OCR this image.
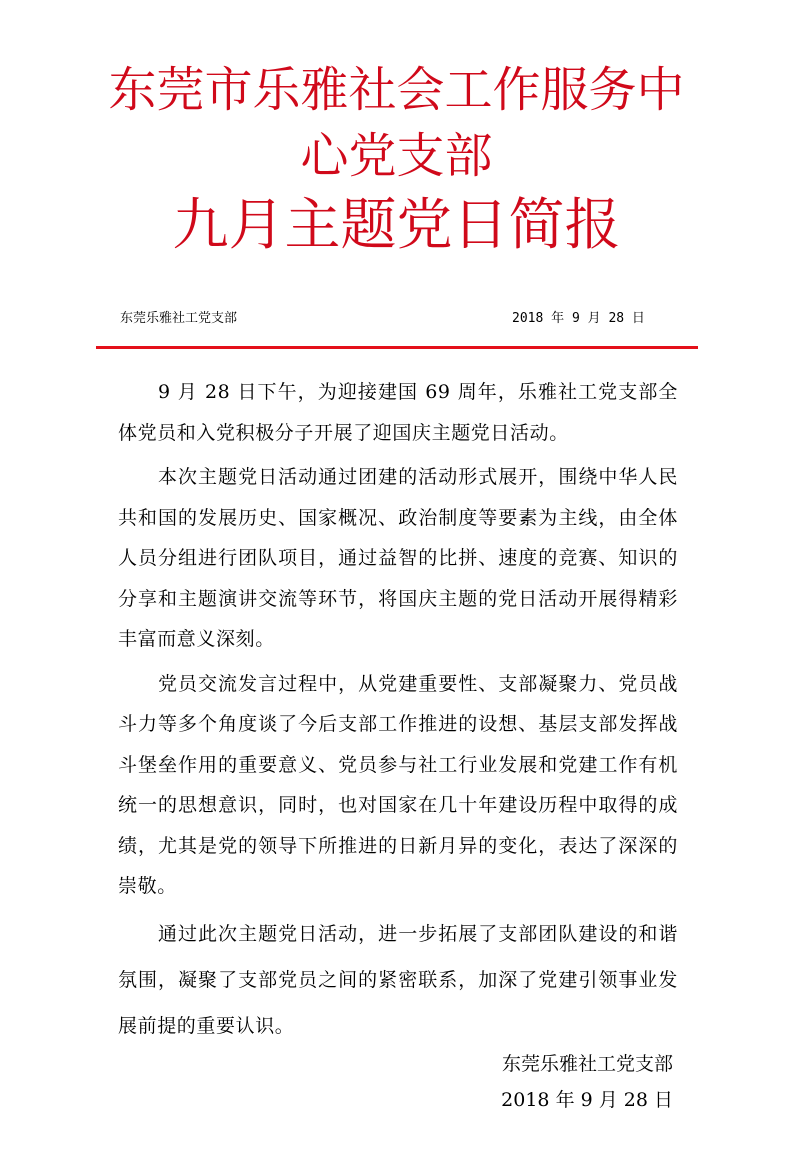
东莞市乐雅社会工作服务中
心党支部
九月主题党日简报
东莞乐雅社工党支部	2018 年 9 月 28 日

9 月 28 日下午，为迎接建国 69 周年，乐雅社工党支部全体党员和入党积极分子开展了迎国庆主题党日活动。

本次主题党日活动通过团建的活动形式展开，围绕中华人民共和国的发展历史、国家概况、政治制度等要素为主线，由全体人员分组进行团队项目，通过益智的比拼、速度的竞赛、知识的分享和主题演讲交流等环节，将国庆主题的党日活动开展得精彩丰富而意义深刻。

党员交流发言过程中，从党建重要性、支部凝聚力、党员战斗力等多个角度谈了今后支部工作推进的设想、基层支部发挥战斗堡垒作用的重要意义、党员参与社工行业发展和党建工作有机统一的思想意识，同时，也对国家在几十年建设历程中取得的成绩，尤其是党的领导下所推进的日新月异的变化，表达了深深的崇敬。

通过此次主题党日活动，进一步拓展了支部团队建设的和谐氛围，凝聚了支部党员之间的紧密联系，加深了党建引领事业发展前提的重要认识。

东莞乐雅社工党支部
2018 年 9 月 28 日
